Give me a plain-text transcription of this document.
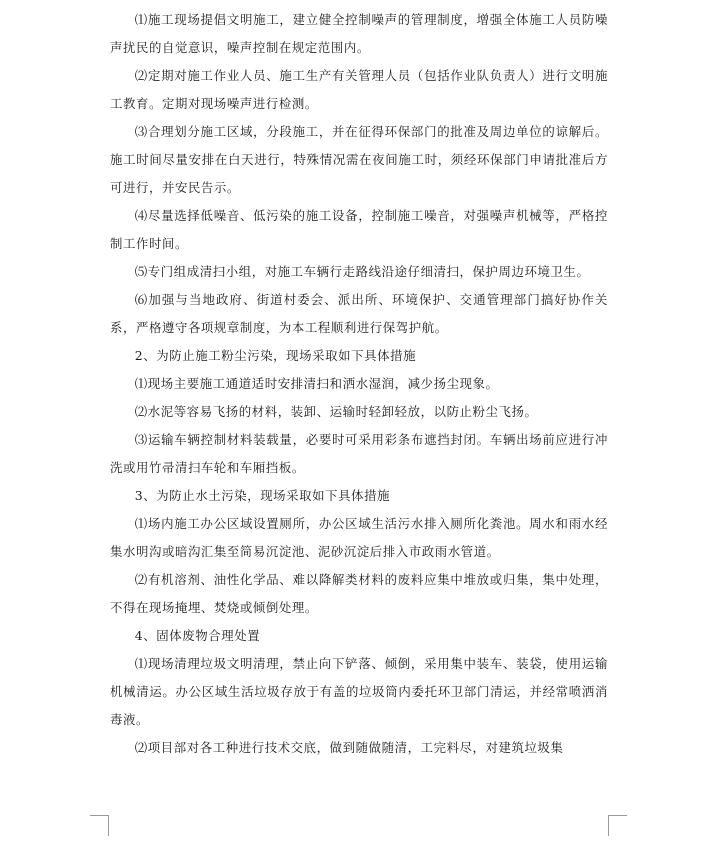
⑴施工现场提倡文明施工，建立健全控制噪声的管理制度，增强全体施工人员防噪声扰民的自觉意识，噪声控制在规定范围内。

⑵定期对施工作业人员、施工生产有关管理人员（包括作业队负责人）进行文明施工教育。定期对现场噪声进行检测。

⑶合理划分施工区域，分段施工，并在征得环保部门的批准及周边单位的谅解后。施工时间尽量安排在白天进行，特殊情况需在夜间施工时，须经环保部门申请批准后方可进行，并安民告示。

⑷尽量选择低噪音、低污染的施工设备，控制施工噪音，对强噪声机械等，严格控制工作时间。

⑸专门组成清扫小组，对施工车辆行走路线沿途仔细清扫，保护周边环境卫生。

⑹加强与当地政府、街道村委会、派出所、环境保护、交通管理部门搞好协作关系，严格遵守各项规章制度，为本工程顺利进行保驾护航。

2、为防止施工粉尘污染，现场采取如下具体措施

⑴现场主要施工通道适时安排清扫和洒水湿润，减少扬尘现象。

⑵水泥等容易飞扬的材料，装卸、运输时轻卸轻放，以防止粉尘飞扬。

⑶运输车辆控制材料装载量，必要时可采用彩条布遮挡封闭。车辆出场前应进行冲洗或用竹帚清扫车轮和车厢挡板。

3、为防止水土污染，现场采取如下具体措施

⑴场内施工办公区域设置厕所，办公区域生活污水排入厕所化粪池。周水和雨水经集水明沟或暗沟汇集至简易沉淀池、泥砂沉淀后排入市政雨水管道。

⑵有机溶剂、油性化学品、难以降解类材料的废料应集中堆放或归集，集中处理，不得在现场掩埋、焚烧或倾倒处理。

4、固体废物合理处置

⑴现场清理垃圾文明清理，禁止向下铲落、倾倒，采用集中装车、装袋，使用运输机械清运。办公区域生活垃圾存放于有盖的垃圾筒内委托环卫部门清运，并经常喷洒消毒液。

⑵项目部对各工种进行技术交底，做到随做随清，工完料尽，对建筑垃圾集
